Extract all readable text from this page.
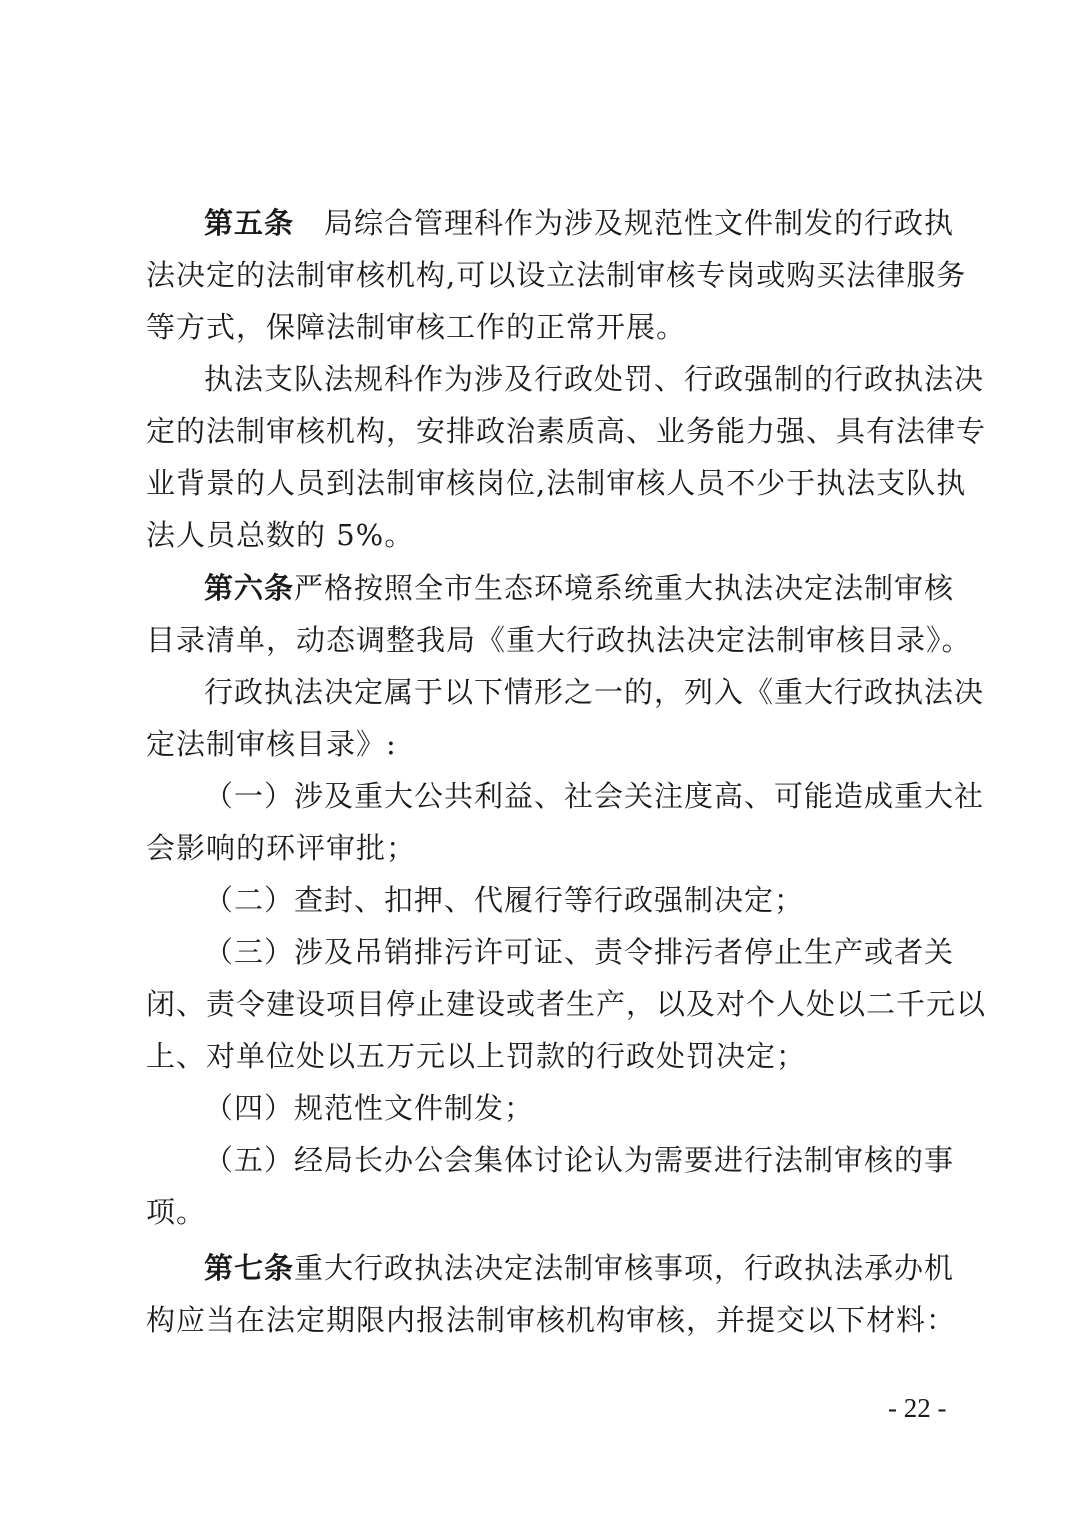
第五条　局综合管理科作为涉及规范性文件制发的行政执
法决定的法制审核机构,可以设立法制审核专岗或购买法律服务
等方式，保障法制审核工作的正常开展。
执法支队法规科作为涉及行政处罚、行政强制的行政执法决
定的法制审核机构，安排政治素质高、业务能力强、具有法律专
业背景的人员到法制审核岗位,法制审核人员不少于执法支队执
法人员总数的 5%。
第六条严格按照全市生态环境系统重大执法决定法制审核
目录清单，动态调整我局《重大行政执法决定法制审核目录》。
行政执法决定属于以下情形之一的，列入《重大行政执法决
定法制审核目录》:
（一）涉及重大公共利益、社会关注度高、可能造成重大社
会影响的环评审批；
（二）查封、扣押、代履行等行政强制决定；
（三）涉及吊销排污许可证、责令排污者停止生产或者关
闭、责令建设项目停止建设或者生产，以及对个人处以二千元以
上、对单位处以五万元以上罚款的行政处罚决定；
（四）规范性文件制发；
（五）经局长办公会集体讨论认为需要进行法制审核的事
项。
第七条重大行政执法决定法制审核事项，行政执法承办机
构应当在法定期限内报法制审核机构审核，并提交以下材料：
- 22 -
